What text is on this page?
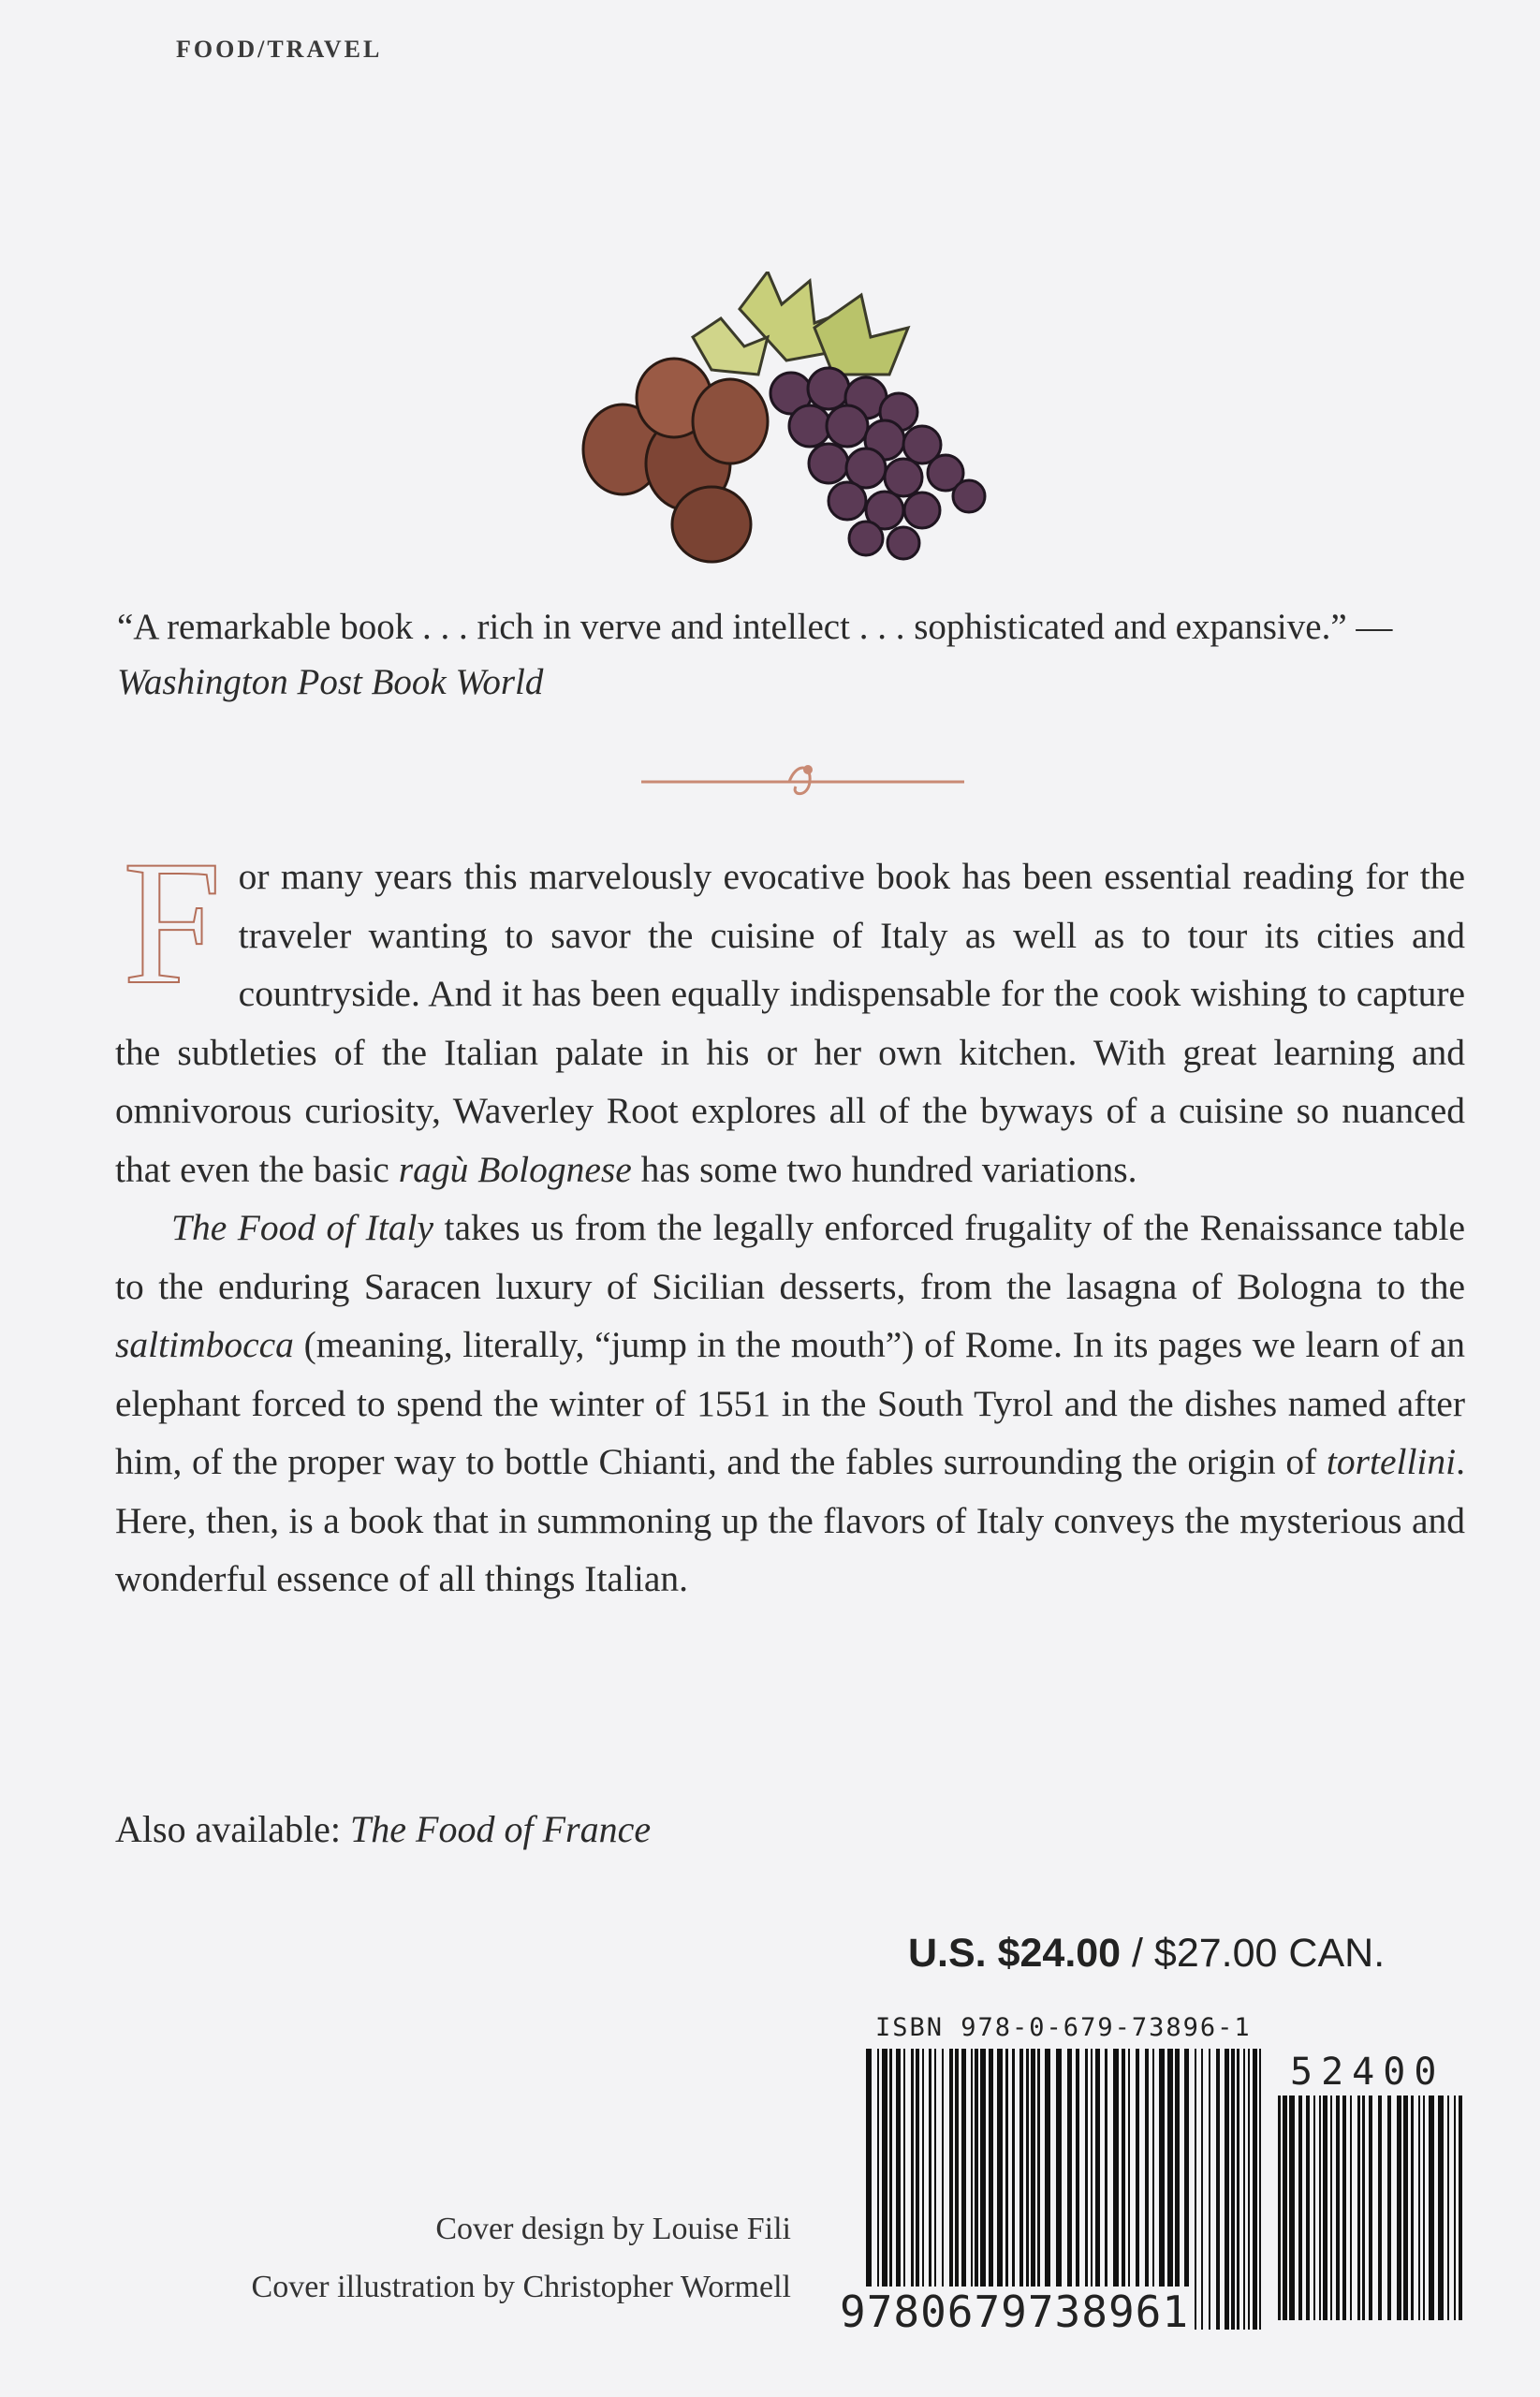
FOOD/TRAVEL
“A remarkable book . . . rich in verve and intellect . . . sophisticated and expansive.” — Washington Post Book World

For many years this marvelously evocative book has been essential reading for the traveler wanting to savor the cuisine of Italy as well as to tour its cities and countryside. And it has been equally indispensable for the cook wishing to capture the subtleties of the Italian palate in his or her own kitchen. With great learning and omnivorous curiosity, Waverley Root explores all of the byways of a cuisine so nuanced that even the basic ragù Bolognese has some two hundred variations.

The Food of Italy takes us from the legally enforced frugality of the Renaissance table to the enduring Saracen luxury of Sicilian desserts, from the lasagna of Bologna to the saltimbocca (meaning, literally, “jump in the mouth”) of Rome. In its pages we learn of an elephant forced to spend the winter of 1551 in the South Tyrol and the dishes named after him, of the proper way to bottle Chianti, and the fables surrounding the origin of tortellini. Here, then, is a book that in summoning up the flavors of Italy conveys the mysterious and wonderful essence of all things Italian.

Also available: The Food of France
U.S. $24.00 / $27.00 CAN.
ISBN 978-0-679-73896-1
9780679738961
52400
Cover design by Louise Fili
Cover illustration by Christopher Wormell
